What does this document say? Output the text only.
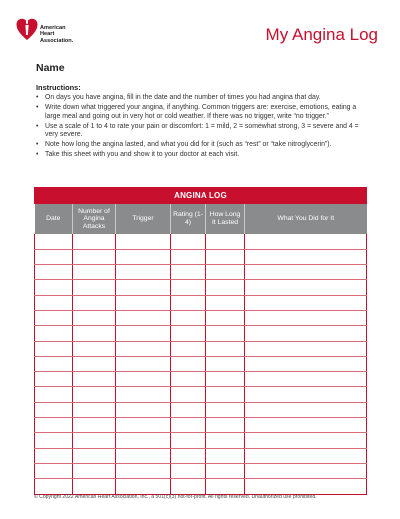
American
Heart
Association.	My Angina Log
Name
Instructions:
• On days you have angina, fill in the date and the number of times you had angina that day.
• Write down what triggered your angina, if anything. Common triggers are: exercise, emotions, eating a large meal and going out in very hot or cold weather. If there was no trigger, write “no trigger.”
• Use a scale of 1 to 4 to rate your pain or discomfort: 1 = mild, 2 = somewhat strong, 3 = severe and 4 = very severe.
• Note how long the angina lasted, and what you did for it (such as “rest” or “take nitroglycerin”).
• Take this sheet with you and show it to your doctor at each visit.
ANGINA LOG
Date	Number of Angina Attacks	Trigger	Rating (1-4)	How Long It Lasted	What You Did for It

© Copyright 2022 American Heart Association, Inc., a 501(c)(3) not-for-profit. All rights reserved. Unauthorized use prohibited.
